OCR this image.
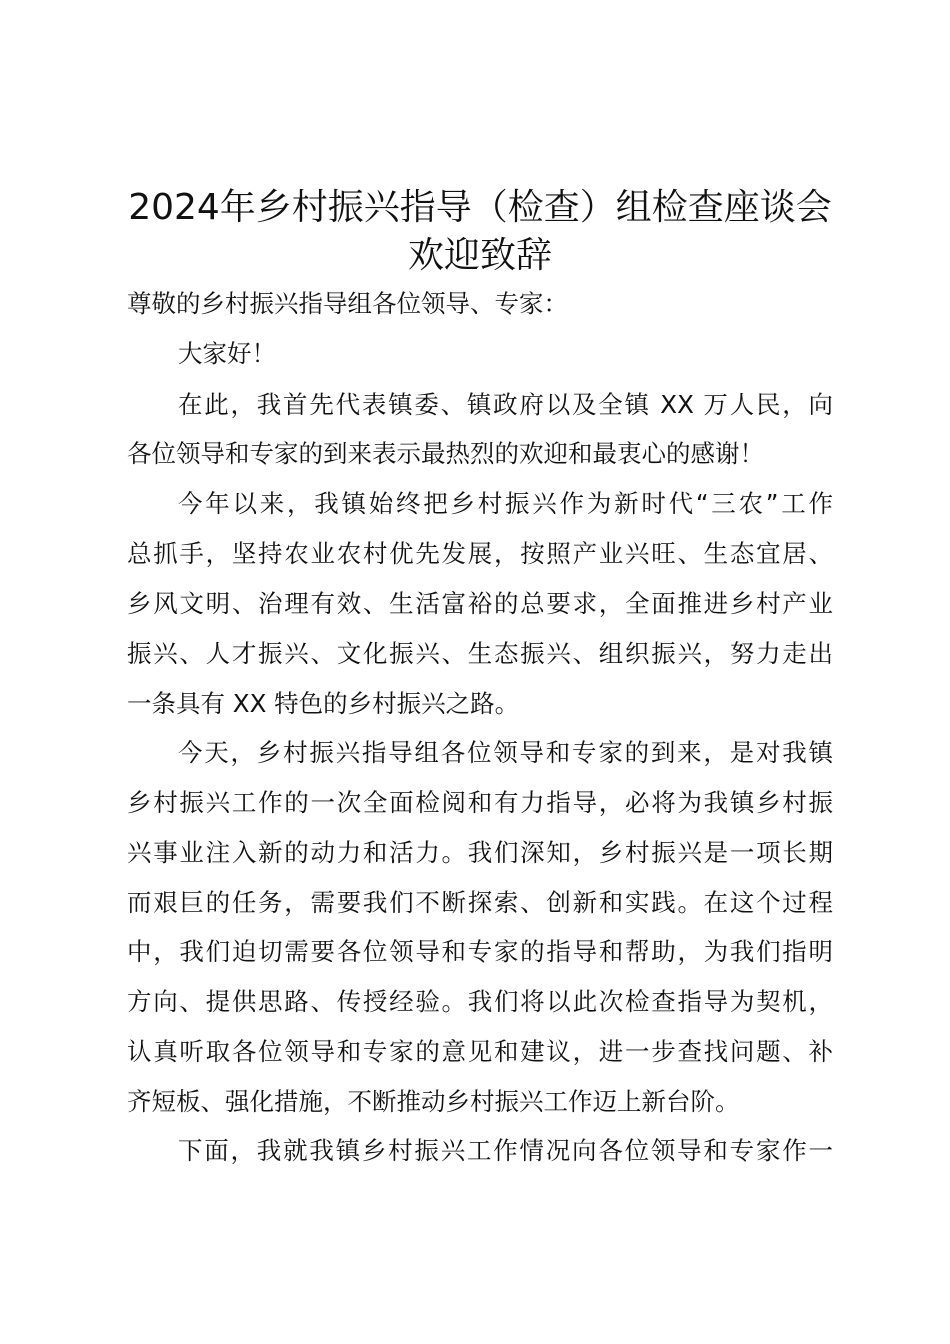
2024年乡村振兴指导（检查）组检查座谈会
欢迎致辞
尊敬的乡村振兴指导组各位领导、专家：
大家好！
在此，我首先代表镇委、镇政府以及全镇 XX 万人民，向
各位领导和专家的到来表示最热烈的欢迎和最衷心的感谢！
今年以来，我镇始终把乡村振兴作为新时代“三农”工作
总抓手，坚持农业农村优先发展，按照产业兴旺、生态宜居、
乡风文明、治理有效、生活富裕的总要求，全面推进乡村产业
振兴、人才振兴、文化振兴、生态振兴、组织振兴，努力走出
一条具有 XX 特色的乡村振兴之路。
今天，乡村振兴指导组各位领导和专家的到来，是对我镇
乡村振兴工作的一次全面检阅和有力指导，必将为我镇乡村振
兴事业注入新的动力和活力。我们深知，乡村振兴是一项长期
而艰巨的任务，需要我们不断探索、创新和实践。在这个过程
中，我们迫切需要各位领导和专家的指导和帮助，为我们指明
方向、提供思路、传授经验。我们将以此次检查指导为契机，
认真听取各位领导和专家的意见和建议，进一步查找问题、补
齐短板、强化措施，不断推动乡村振兴工作迈上新台阶。
下面，我就我镇乡村振兴工作情况向各位领导和专家作一
